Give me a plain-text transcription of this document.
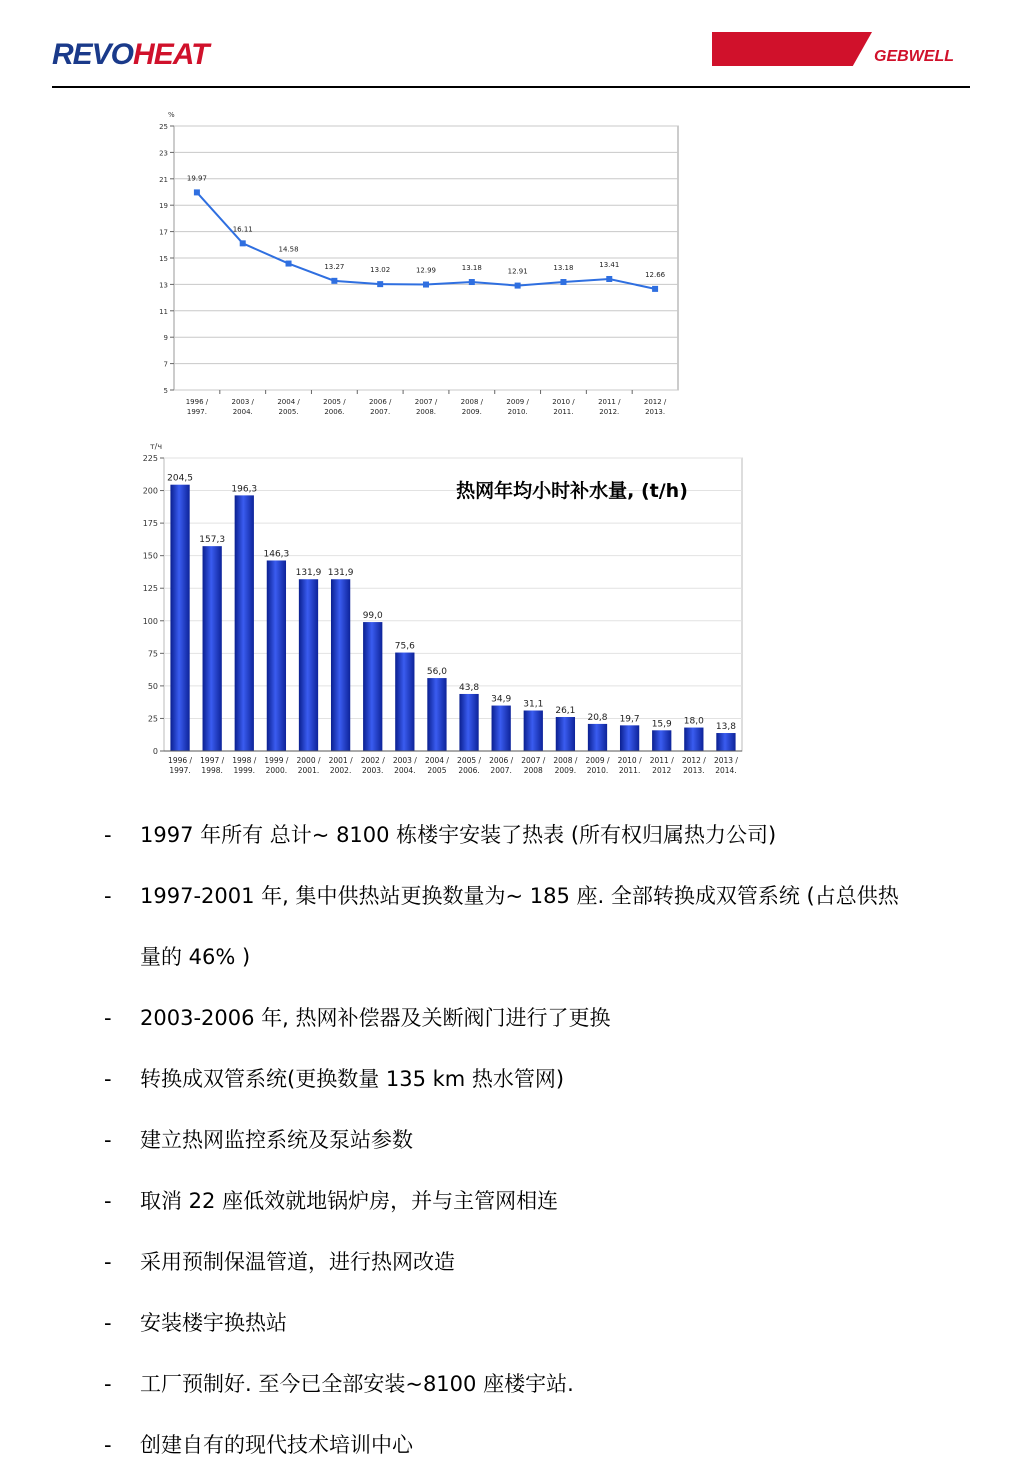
REVOHEAT	GEBWELL
5
7
9
11
13
15
17
19
21
23
25
%
19.97
1996 /
1997.
16.11
2003 /
2004.
14.58
2004 /
2005.
13.27
2005 /
2006.
13.02
2006 /
2007.
12.99
2007 /
2008.
13.18
2008 /
2009.
12.91
2009 /
2010.
13.18
2010 /
2011.
13.41
2011 /
2012.
12.66
2012 /
2013.
0
25
50
75
100
125
150
175
200
225
т/ч
热网年均小时补水量, (t/h)
204,5
1996 /
1997.
157,3
1997 /
1998.
196,3
1998 /
1999.
146,3
1999 /
2000.
131,9
2000 /
2001.
131,9
2001 /
2002.
99,0
2002 /
2003.
75,6
2003 /
2004.
56,0
2004 /
2005
43,8
2005 /
2006.
34,9
2006 /
2007.
31,1
2007 /
2008
26,1
2008 /
2009.
20,8
2009 /
2010.
19,7
2010 /
2011.
15,9
2011 /
2012
18,0
2012 /
2013.
13,8
2013 /
2014.
- 1997 年所有 总计~ 8100 栋楼宇安装了热表 (所有权归属热力公司)
- 1997-2001 年, 集中供热站更换数量为~ 185 座. 全部转换成双管系统 (占总供热
量的 46% )
- 2003-2006 年, 热网补偿器及关断阀门进行了更换
- 转换成双管系统(更换数量 135 km 热水管网)
- 建立热网监控系统及泵站参数
- 取消 22 座低效就地锅炉房，并与主管网相连
- 采用预制保温管道，进行热网改造
- 安装楼宇换热站
- 工厂预制好. 至今已全部安装~8100 座楼宇站.
- 创建自有的现代技术培训中心
